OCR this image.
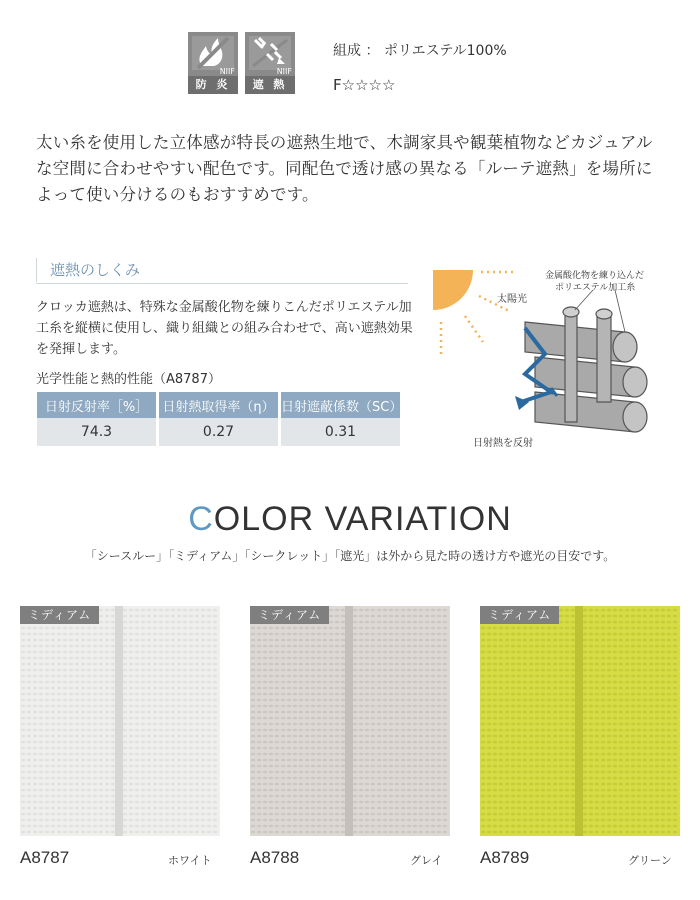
NIIF
防 炎
NIIF
遮 熱
組成 ： ポリエステル100%
F☆☆☆☆
太い糸を使用した立体感が特長の遮熱生地で、木調家具や観葉植物などカジュアルな空間に合わせやすい配色です。同配色で透け感の異なる「ルーテ遮熱」を場所によって使い分けるのもおすすめです。
遮熱のしくみ
クロッカ遮熱は、特殊な金属酸化物を練りこんだポリエステル加工糸を縦横に使用し、織り組織との組み合わせで、高い遮熱効果を発揮します。
光学性能と熱的性能（A8787）
日射反射率［%］	日射熱取得率（η）	日射遮蔽係数（SC）
74.3	0.27	0.31
太陽光
金属酸化物を練り込んだ
ポリエステル加工糸
日射熱を反射
COLOR VARIATION
「シースルー」「ミディアム」「シークレット」「遮光」は外から見た時の透け方や遮光の目安です。
ミディアム
A8787	ホワイト
ミディアム
A8788	グレイ
ミディアム
A8789	グリーン
